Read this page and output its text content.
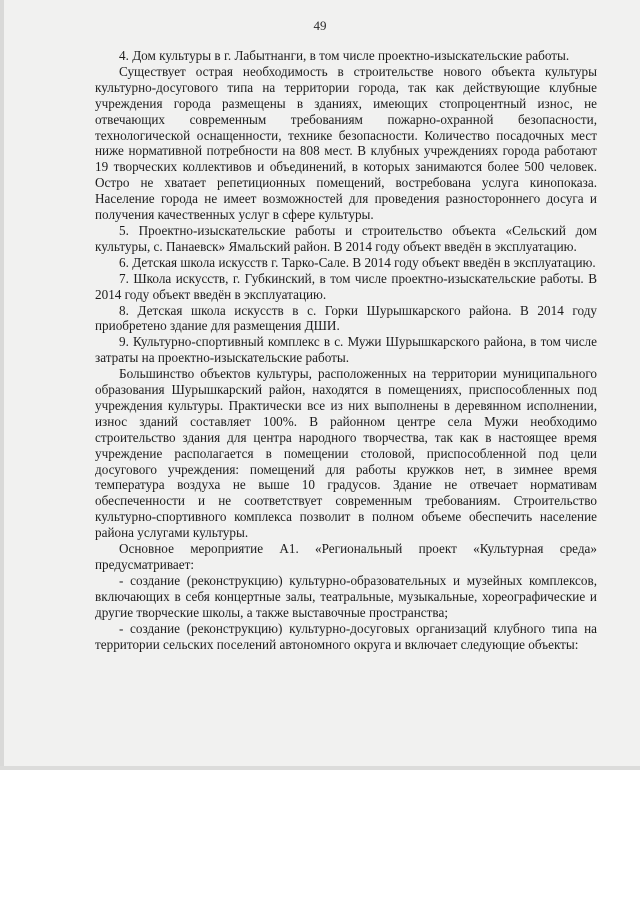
49

4. Дом культуры в г. Лабытнанги, в том числе проектно-изыскательские работы.

Существует острая необходимость в строительстве нового объекта культуры культурно-досугового типа на территории города, так как действующие клубные учреждения города размещены в зданиях, имеющих стопроцентный износ, не отвечающих современным требованиям пожарно-охранной безопасности, технологической оснащенности, технике безопасности. Количество посадочных мест ниже нормативной потребности на 808 мест. В клубных учреждениях города работают 19 творческих коллективов и объединений, в которых занимаются более 500 человек. Остро не хватает репетиционных помещений, востребована услуга кинопоказа. Население города не имеет возможностей для проведения разностороннего досуга и получения качественных услуг в сфере культуры.

5. Проектно-изыскательские работы и строительство объекта «Сельский дом культуры, с. Панаевск» Ямальский район. В 2014 году объект введён в эксплуатацию.

6. Детская школа искусств г. Тарко-Сале. В 2014 году объект введён в эксплуатацию.

7. Школа искусств, г. Губкинский, в том числе проектно-изыскательские работы. В 2014 году объект введён в эксплуатацию.

8. Детская школа искусств в с. Горки Шурышкарского района. В 2014 году приобретено здание для размещения ДШИ.

9. Культурно-спортивный комплекс в с. Мужи Шурышкарского района, в том числе затраты на проектно-изыскательские работы.

Большинство объектов культуры, расположенных на территории муниципального образования Шурышкарский район, находятся в помещениях, приспособленных под учреждения культуры. Практически все из них выполнены в деревянном исполнении, износ зданий составляет 100%. В районном центре села Мужи необходимо строительство здания для центра народного творчества, так как в настоящее время учреждение располагается в помещении столовой, приспособленной под цели досугового учреждения: помещений для работы кружков нет, в зимнее время температура воздуха не выше 10 градусов. Здание не отвечает нормативам обеспеченности и не соответствует современным требованиям. Строительство культурно-спортивного комплекса позволит в полном объеме обеспечить население района услугами культуры.

Основное мероприятие А1. «Региональный проект «Культурная среда» предусматривает:

- создание (реконструкцию) культурно-образовательных и музейных комплексов, включающих в себя концертные залы, театральные, музыкальные, хореографические и другие творческие школы, а также выставочные пространства;

- создание (реконструкцию) культурно-досуговых организаций клубного типа на территории сельских поселений автономного округа и включает следующие объекты:
